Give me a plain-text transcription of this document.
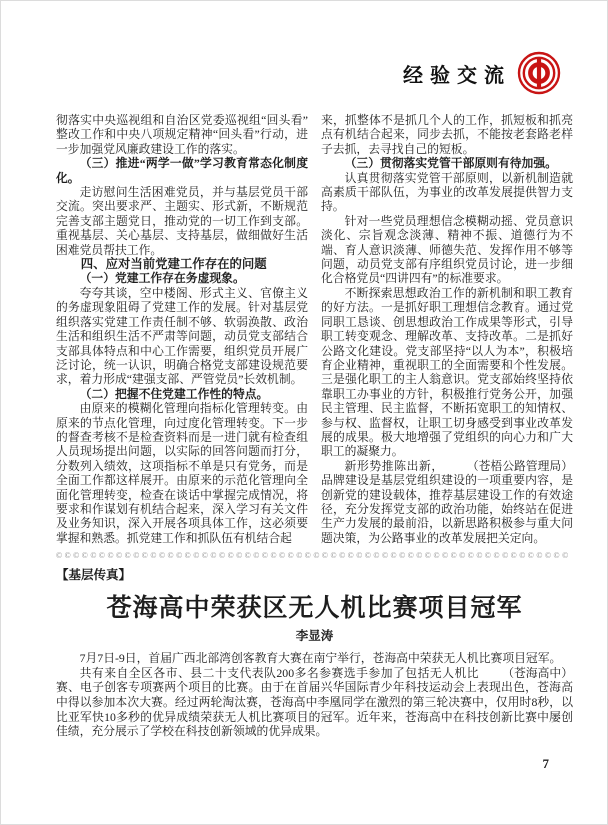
经验交流

彻落实中央巡视组和自治区党委巡视组“回头看”整改工作和中央八项规定精神“回头看”行动，进一步加强党风廉政建设工作的落实。

（三）推进“两学一做”学习教育常态化制度化。

走访慰问生活困难党员，并与基层党员干部交流。突出要求严、主题实、形式新，不断规范完善支部主题党日，推动党的一切工作到支部。重视基层、关心基层、支持基层，做细做好生活困难党员帮扶工作。

四、应对当前党建工作存在的问题

（一）党建工作存在务虚现象。

夸夸其谈，空中楼阁、形式主义、官僚主义的务虚现象阻碍了党建工作的发展。针对基层党组织落实党建工作责任制不够、软弱涣散、政治生活和组织生活不严肃等问题，动员党支部结合支部具体特点和中心工作需要，组织党员开展广泛讨论，统一认识，明确合格党支部建设规范要求，着力形成“建强支部、严管党员”长效机制。

（二）把握不住党建工作性的特点。

由原来的模糊化管理向指标化管理转变。由原来的节点化管理，向过度化管理转变。下一步的督查考核不是检查资料而是一进门就有检查组人员现场提出问题，以实际的回答问题而打分，分数列入绩效，这项指标不单是只有党务，而是全面工作都这样展开。由原来的示范化管理向全面化管理转变，检查在谈话中掌握完成情况，将要求和作谋划有机结合起来，深入学习有关文件及业务知识，深入开展各项具体工作，这必须要掌握和熟悉。抓党建工作和抓队伍有机结合起

来，抓整体不是抓几个人的工作，抓短板和抓亮点有机结合起来，同步去抓，不能按老套路老样子去抓，去寻找自己的短板。

（三）贯彻落实党管干部原则有待加强。

认真贯彻落实党管干部原则，以新机制造就高素质干部队伍，为事业的改革发展提供智力支持。

针对一些党员理想信念模糊动摇、党员意识淡化、宗旨观念淡薄、精神不振、道德行为不端、育人意识淡薄、师德失范、发挥作用不够等问题，动员党支部有序组织党员讨论，进一步细化合格党员“四讲四有”的标准要求。

不断探索思想政治工作的新机制和职工教育的好方法。一是抓好职工理想信念教育。通过党同职工恳谈、创思想政治工作成果等形式，引导职工转变观念、理解改革、支持改革。二是抓好公路文化建设。党支部坚持“以人为本”，积极培育企业精神，重视职工的全面需要和个性发展。三是强化职工的主人翁意识。党支部始终坚持依靠职工办事业的方针，积极推行党务公开，加强民主管理、民主监督，不断拓宽职工的知情权、参与权、监督权，让职工切身感受到事业改革发展的成果。极大地增强了党组织的向心力和广大职工的凝聚力。

（苍梧公路管理局）
新形势推陈出新，品牌建设是基层党组织建设的一项重要内容，是创新党的建设载体，推荐基层建设工作的有效途径，充分发挥党支部的政治功能，始终站在促进生产力发展的最前沿，以新思路积极参与重大问题决策，为公路事业的改革发展把关定向。

©©©©©©©©©©©©©©©©©©©©©©©©©©©©©©©©©©©©©©©©©©©©©©©©©©©©©©©©©©©©

【基层传真】

苍海高中荣获区无人机比赛项目冠军

李显涛

7月7日-9日，首届广西北部湾创客教育大赛在南宁举行，苍海高中荣获无人机比赛项目冠军。

（苍海高中）
共有来自全区各市、县二十支代表队200多名参赛选手参加了包括无人机比赛、电子创客专项赛两个项目的比赛。由于在首届兴华国际青少年科技运动会上表现出色，苍海高中得以参加本次大赛。经过两轮淘汰赛，苍海高中李凰同学在激烈的第三轮决赛中，仅用时8秒，以比亚军快10多秒的优异成绩荣获无人机比赛项目的冠军。近年来，苍海高中在科技创新比赛中屡创佳绩，充分展示了学校在科技创新领域的优异成果。

7
